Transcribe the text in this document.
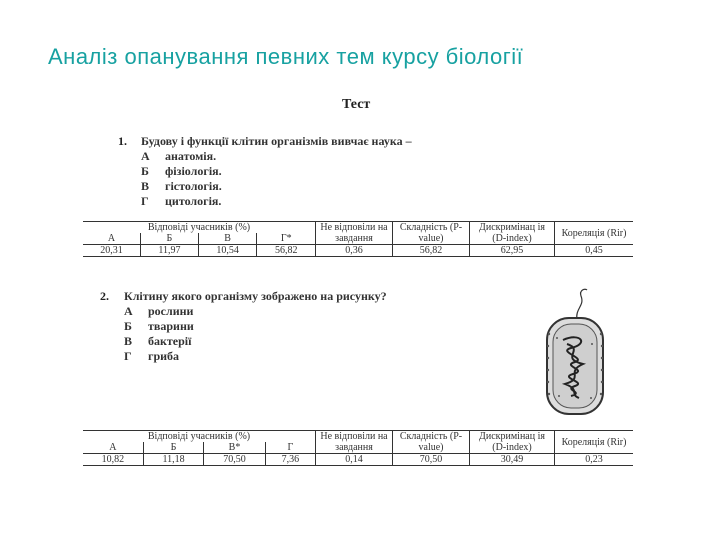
Аналіз опанування певних тем курсу біології
Тест
1. Будову і функції клітин організмів вивчає наука –
А анатомія.
Б фізіологія.
В гістологія.
Г цитологія.
Відповіді учасників (%)				Не відповіли на завдання	Складність (P-value)	Дискримінац ія (D-index)	Кореляція (Rir)
А	Б	В	Г*				
20,31	11,97	10,54	56,82	0,36	56,82	62,95	0,45
2. Клітину якого організму зображено на рисунку?
А рослини
Б тварини
В бактерії
Г гриба
Відповіді учасників (%)				Не відповіли на завдання	Складність (P-value)	Дискримінац ія (D-index)	Кореляція (Rir)
А	Б	В*	Г				
10,82	11,18	70,50	7,36	0,14	70,50	30,49	0,23
